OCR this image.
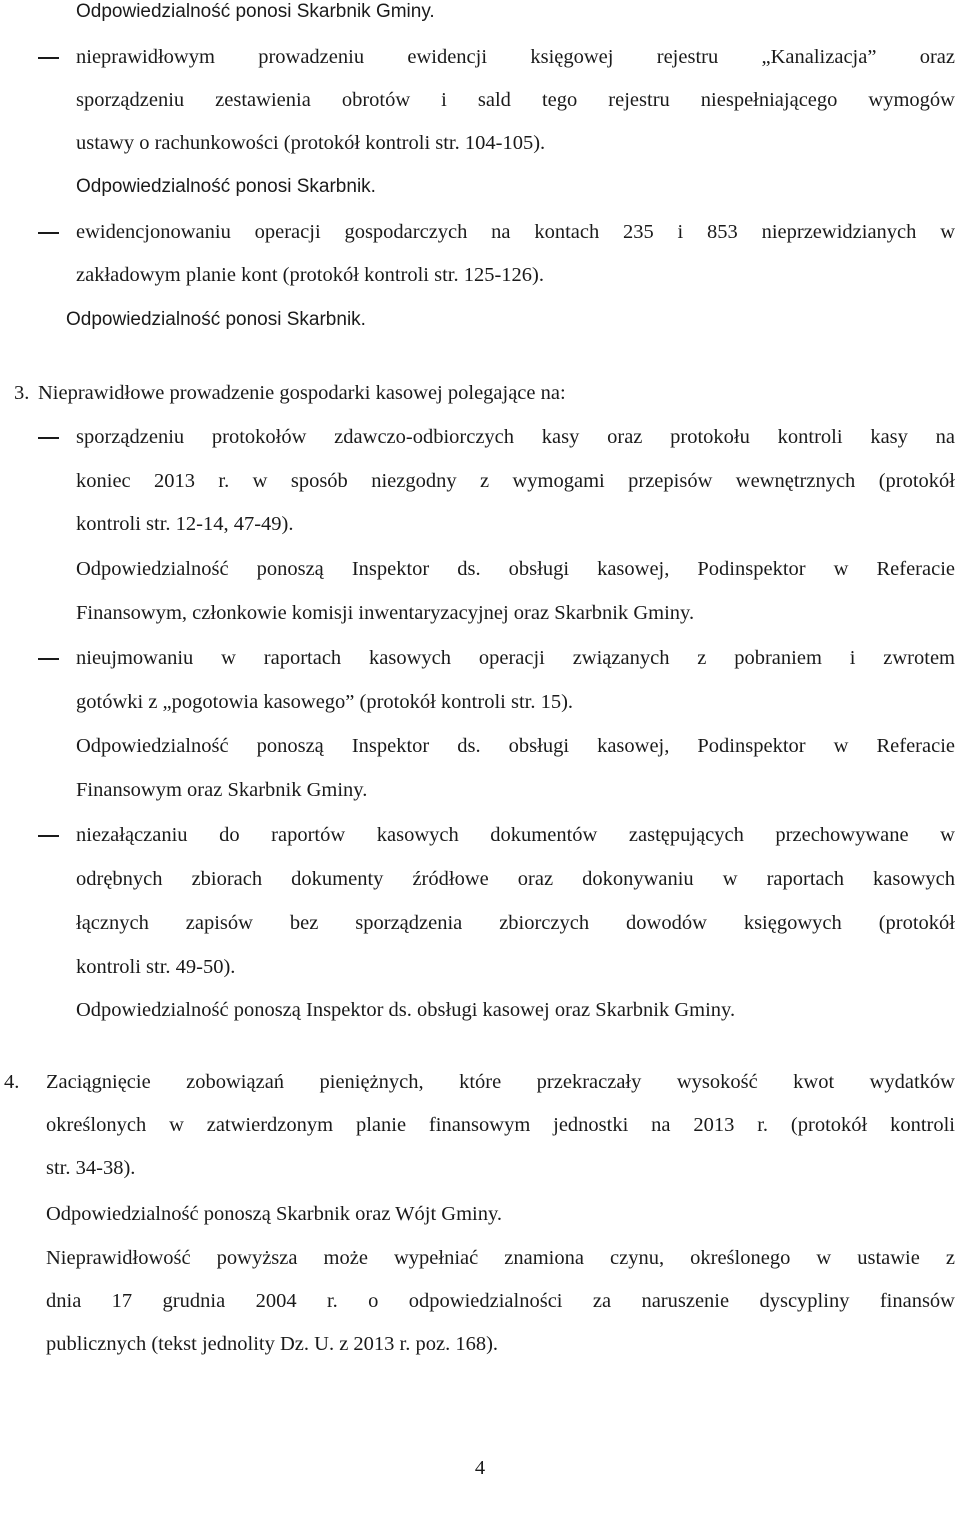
Odpowiedzialność ponosi Skarbnik Gminy.
nieprawidłowym prowadzeniu ewidencji księgowej rejestru „Kanalizacja” oraz
sporządzeniu zestawienia obrotów i sald tego rejestru niespełniającego wymogów
ustawy o rachunkowości (protokół kontroli str. 104-105).
Odpowiedzialność ponosi Skarbnik.
ewidencjonowaniu operacji gospodarczych na kontach 235 i 853 nieprzewidzianych w
zakładowym planie kont (protokół kontroli str. 125-126).
Odpowiedzialność ponosi Skarbnik.
3. Nieprawidłowe prowadzenie gospodarki kasowej polegające na:
sporządzeniu protokołów zdawczo-odbiorczych kasy oraz protokołu kontroli kasy na
koniec 2013 r. w sposób niezgodny z wymogami przepisów wewnętrznych (protokół
kontroli str. 12-14, 47-49).
Odpowiedzialność ponoszą Inspektor ds. obsługi kasowej, Podinspektor w Referacie
Finansowym, członkowie komisji inwentaryzacyjnej oraz Skarbnik Gminy.
nieujmowaniu w raportach kasowych operacji związanych z pobraniem i zwrotem
gotówki z „pogotowia kasowego” (protokół kontroli str. 15).
Odpowiedzialność ponoszą Inspektor ds. obsługi kasowej, Podinspektor w Referacie
Finansowym oraz Skarbnik Gminy.
niezałączaniu do raportów kasowych dokumentów zastępujących przechowywane w
odrębnych zbiorach dokumenty źródłowe oraz dokonywaniu w raportach kasowych
łącznych zapisów bez sporządzenia zbiorczych dowodów księgowych (protokół
kontroli str. 49-50).
Odpowiedzialność ponoszą Inspektor ds. obsługi kasowej oraz Skarbnik Gminy.
4. Zaciągnięcie zobowiązań pieniężnych, które przekraczały wysokość kwot wydatków
określonych w zatwierdzonym planie finansowym jednostki na 2013 r. (protokół kontroli
str. 34-38).
Odpowiedzialność ponoszą Skarbnik oraz Wójt Gminy.
Nieprawidłowość powyższa może wypełniać znamiona czynu, określonego w ustawie z
dnia 17 grudnia 2004 r. o odpowiedzialności za naruszenie dyscypliny finansów
publicznych (tekst jednolity Dz. U. z 2013 r. poz. 168).
4
